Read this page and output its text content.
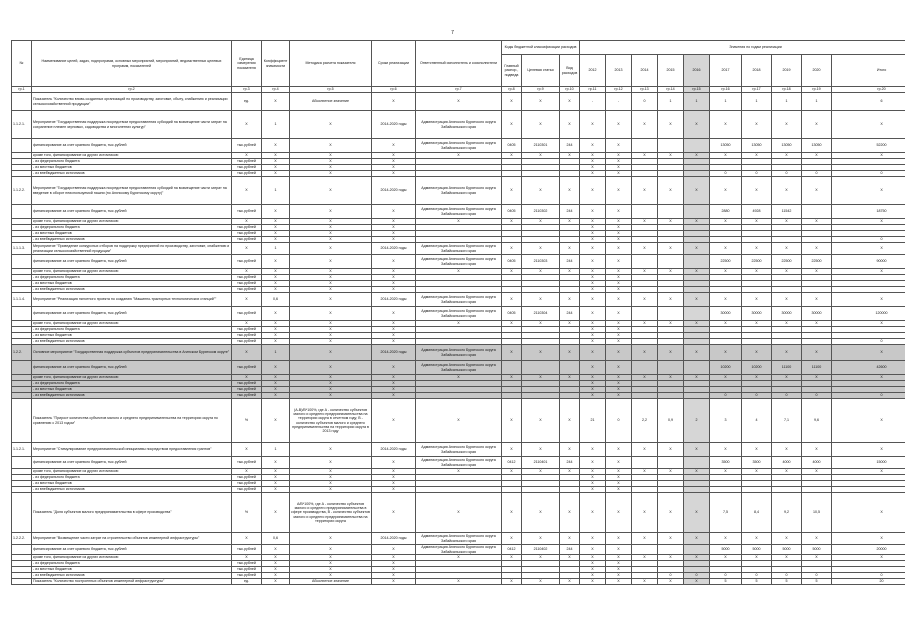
7
№	Наименование целей, задач, подпрограмм, основных мероприятий, мероприятий, ведомственных целевых программ, показателей	Единица измерения показателя	Коэффициент значимости	Методика расчета показателя	Сроки реализации	Ответственный исполнитель и соисполнители	Коды бюджетной классификации расходов			Значения по годам реализации									
							Главный распор., подведа	Целевая статья	Вид расходов	2012	2013	2014	2015	2016	2017	2018	2019	2020	Итого
гр.1	гр.2	гр.3	гр.4	гр.5	гр.6	гр.7	гр.8	гр.9	гр.10	гр.11	гр.12	гр.13	гр.14	гр.15	гр.16	гр.17	гр.18	гр.19	гр.20
	Показатель "Количество вновь созданных организаций по производству, заготовке, сбыту, снабжению и реализации сельскохозяйственной продукции"	ед.	X	Абсолютное значение	X	X	X	X	X	-	-	0	1	1	1	1	1	1	6
1.1.2.1.	Мероприятие "Государственная поддержка посредством предоставления субсидий на возмещение части затрат на сохранение племен зерновых, садоводства и многолетних культур"	X	1	X	2014-2020 годы	Администрация Агинского Бурятского округа Забайкальского края	X	X	X	X	X	X	X	X	X	X	X	X	X
	финансирование за счет краевого бюджета, тыс.рублей	тыс.рублей	X	X	X	Администрация Агинского Бурятского округа Забайкальского края	0405	2110301	244	X	X				13050	13050	13050	13050	52200
	кроме того, финансирование из других источников:	X	X	X	X	X	X	X	X	X	X	X	X	X	X	X	X	X	X
	- из федерального бюджета	тыс.рублей	X	X	X					X	X								
	- из местных бюджетов	тыс.рублей	X	X	X					X	X								
	- из внебюджетных источников	тыс.рублей	X	X	X					X	X				0	0	0	0	0
1.1.2.2.	Мероприятие "Государственная поддержка посредством предоставления субсидий на возмещение части затрат на введение в оборот неиспользуемой пашни (по Агинскому Бурятскому округу)"	X	1	X	2014-2020 годы	Администрация Агинского Бурятского округа Забайкальского края	X	X	X	X	X	X	X	X	X	X	X	X	X
	финансирование за счет краевого бюджета, тыс.рублей	тыс.рублей	X	X	X	Администрация Агинского Бурятского округа Забайкальского края	0405	2110302	244	X	X				2880	4928	11542		18750
	кроме того, финансирование из других источников:	X	X	X	X	X	X	X	X	X	X	X	X	X	X	X	X	X	X
	- из федерального бюджета	тыс.рублей	X	X	X					X	X								
	- из местных бюджетов	тыс.рублей	X	X	X					X	X								
	- из внебюджетных источников	тыс.рублей	X	X	X					X	X								0
1.1.1.3.	Мероприятие "Проведение конкурсных отборов на поддержку предприятий по производству, заготовке, снабжению и реализации сельскохозяйственной продукции"	X	1	X	2014-2020 годы	Администрация Агинского Бурятского округа Забайкальского края	X	X	X	X	X	X	X	X	X	X	X	X	X
	финансирование за счет краевого бюджета, тыс.рублей	тыс.рублей	X	X	X	Администрация Агинского Бурятского округа Забайкальского края	0405	2110303	244	X	X				22500	22500	22500	22500	90000
	кроме того, финансирование из других источников:	X	X	X	X	X	X	X	X	X	X	X	X	X	X	X	X	X	X
	- из федерального бюджета	тыс.рублей	X	X	X					X	X								
	- из местных бюджетов	тыс.рублей	X	X	X					X	X								
	- из внебюджетных источников	тыс.рублей	X	X	X					X	X								
1.1.1.4.	Мероприятие "Реализация пилотного проекта по созданию "Машинно-тракторных технологических станций""	X	0,6	X	2014-2020 годы	Администрация Агинского Бурятского округа Забайкальского края	X	X	X	X	X	X	X	X	X	X	X	X	X
	финансирование за счет краевого бюджета, тыс.рублей	тыс.рублей	X	X	X	Администрация Агинского Бурятского округа Забайкальского края	0405	2110304	244	X	X				30000	30000	30000	30000	120000
	кроме того, финансирование из других источников:	X	X	X	X	X	X	X	X	X	X	X	X	X	X	X	X	X	X
	- из федерального бюджета	тыс.рублей	X	X	X					X	X								
	- из местных бюджетов	тыс.рублей	X	X	X					X	X								
	- из внебюджетных источников	тыс.рублей	X	X	X					X	X								0
1.2.2.	Основное мероприятие "Государственная поддержка субъектов предпринимательства в Агинском Бурятском округе"	X	1	X	2014-2020 годы	Администрация Агинского Бурятского округа Забайкальского края	X	X	X	X	X	X	X	X	X	X	X	X	X
	финансирование за счет краевого бюджета, тыс.рублей	тыс.рублей	X	X	X	Администрация Агинского Бурятского округа Забайкальского края				X	X				10200	10200	11100	11100	42600
	кроме того, финансирование из других источников:	X	X	X	X	X	X	X	X	X	X	X	X	X	X	X	X	X	X
	- из федерального бюджета	тыс.рублей	X	X	X					X	X								
	- из местных бюджетов	тыс.рублей	X	X	X					X	X								
	- из внебюджетных источников	тыс.рублей	X	X	X					X	X				0	0	0	0	0
	Показатель "Прирост количества субъектов малого и среднего предпринимательства на территории округа по сравнению с 2013 годом"	%	X	(А-В)/В*100%, где А - количество субъектов малого и среднего предпринимательства на территории округа в отчетном году; В - количество субъектов малого и среднего предпринимательства на территории округа в 2013 году	X	X	X	X	X	21	0	2,2	0,9	2	3	4	7,1	9,6	X
1.1.2.1.	Мероприятие "Стимулирование предпринимательской инициативы посредством предоставления грантов"	X	1	X	2014-2020 годы	Администрация Агинского Бурятского округа Забайкальского края	X	X	X	X	X	X	X	X	X	X	X	X	X
	финансирование за счет краевого бюджета, тыс.рублей	тыс.рублей	X	X	X	Администрация Агинского Бурятского округа Забайкальского края	0412	2110401	244	X	X				3500	3500	4000	4000	15000
	кроме того, финансирование из других источников:	X	X	X	X	X	X	X	X	X	X	X	X	X	X	X	X	X	X
	- из федерального бюджета	тыс.рублей	X	X	X					X	X								
	- из местных бюджетов	тыс.рублей	X	X	X					X	X								
	- из внебюджетных источников	тыс.рублей	X	X	X					X	X								
	Показатель "Доля субъектов малого предпринимательства в сфере производства"	%	X	А/В*100%, где А - количество субъектов малого и среднего предпринимательства в сфере производства, В - количество субъектов малого и среднего предпринимательства на территории округа	X	X	X	X	X	X	X	X	X	X	7,5	8,4	9,2	10,5	X
1.2.2.2.	Мероприятие "Возмещение части затрат на строительство объектов инженерной инфраструктуры"	X	0,6	X	2014-2020 годы	Администрация Агинского Бурятского округа Забайкальского края	X	X	X	X	X	X	X	X	X	X	X	X	X
	финансирование за счет краевого бюджета, тыс.рублей	тыс.рублей	X	X	X	Администрация Агинского Бурятского округа Забайкальского края	0412	2110402	244	X	X				5000	5000	5000	5000	20000
	кроме того, финансирование из других источников:	X	X	X	X	X	X	X	X	X	X	X	X	X	X	X	X	X	X
	- из федерального бюджета	тыс.рублей	X	X	X					X	X								
	- из местных бюджетов	тыс.рублей	X	X	X					X	X								
	- из внебюджетных источников	тыс.рублей	X	X	X					X	X		0	0	0	0	0	0	0
	Показатель "Количество построенных объектов инженерной инфраструктуры"	ед.	X	Абсолютное значение	X	X	X	X	X	X	X	X	X	X	5	5	5	5	20
